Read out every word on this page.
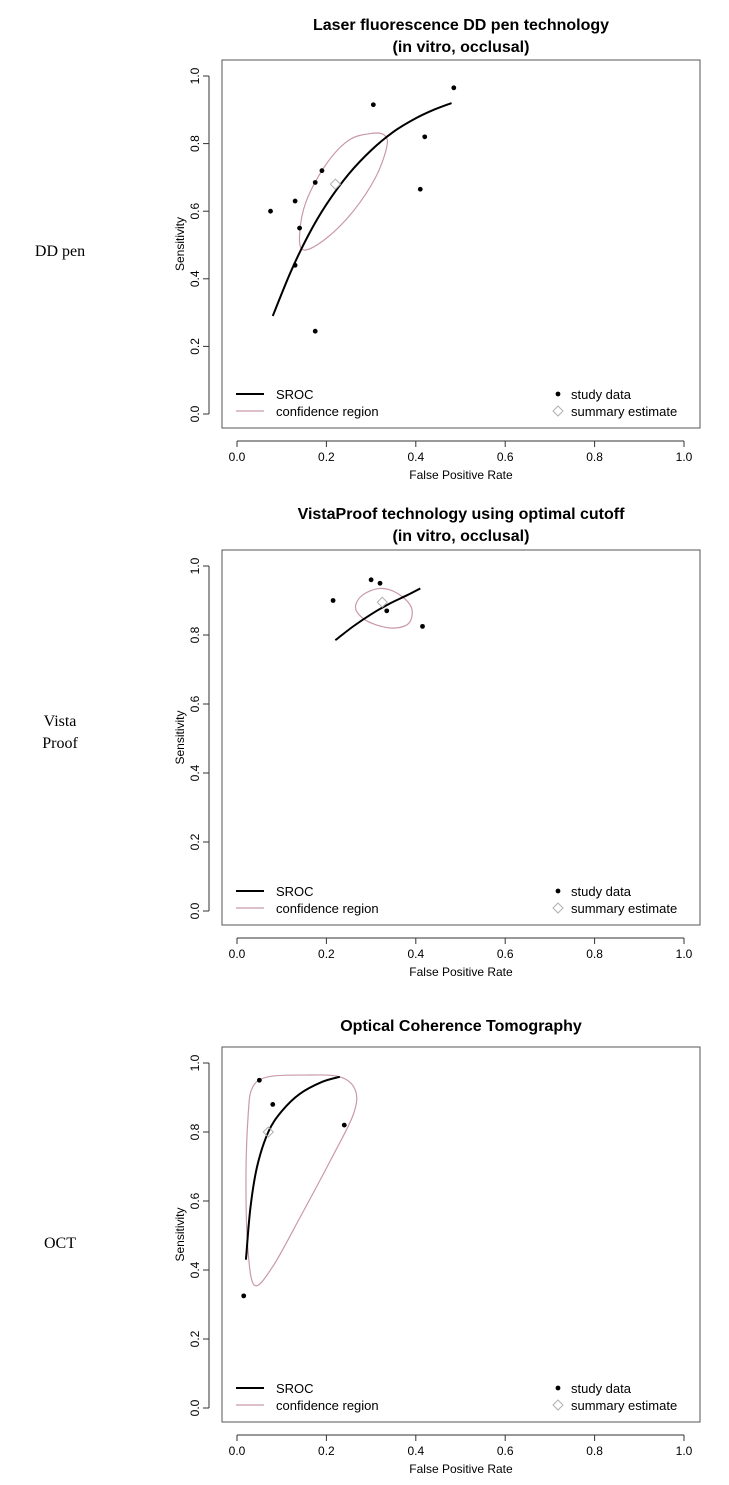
DD pen
Laser fluorescence DD pen technology
(in vitro, occlusal)
0.0	0.2	0.4	0.6	0.8	1.0
False Positive Rate
0.0
0.2
0.4
0.6
0.8
1.0
Sensitivity
SROC
confidence region
study data
summary estimate
Vista
Proof
VistaProof technology using optimal cutoff
(in vitro, occlusal)
0.0	0.2	0.4	0.6	0.8	1.0
False Positive Rate
0.0
0.2
0.4
0.6
0.8
1.0
Sensitivity
SROC
confidence region
study data
summary estimate
OCT
Optical Coherence Tomography
0.0	0.2	0.4	0.6	0.8	1.0
False Positive Rate
0.0
0.2
0.4
0.6
0.8
1.0
Sensitivity
SROC
confidence region
study data
summary estimate
